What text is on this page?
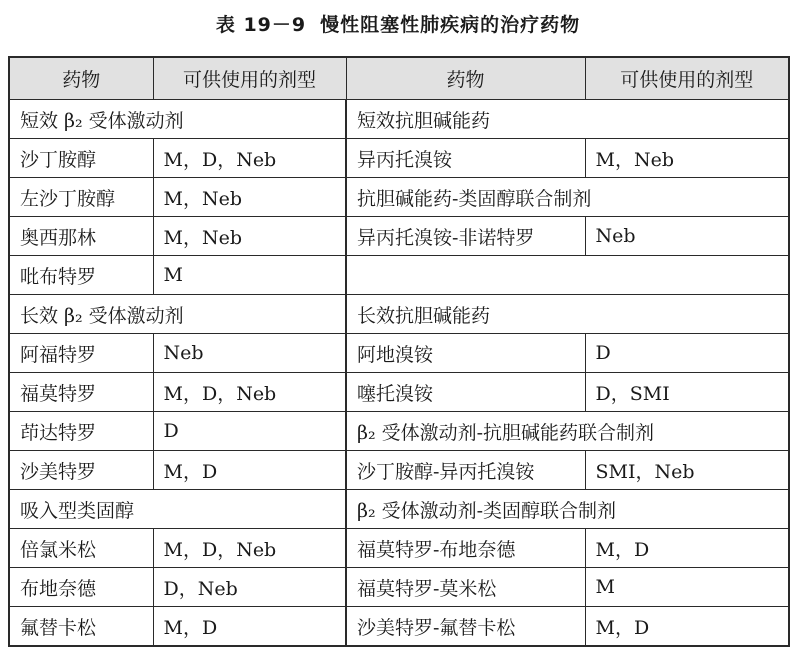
表 19－9 慢性阻塞性肺疾病的治疗药物
药物	可供使用的剂型	药物	可供使用的剂型
短效 β₂ 受体激动剂		短效抗胆碱能药	
沙丁胺醇	M，D，Neb	异丙托溴铵	M，Neb
左沙丁胺醇	M，Neb	抗胆碱能药-类固醇联合制剂	
奥西那林	M，Neb	异丙托溴铵-非诺特罗	Neb
吡布特罗	M		
长效 β₂ 受体激动剂		长效抗胆碱能药	
阿福特罗	Neb	阿地溴铵	D
福莫特罗	M，D，Neb	噻托溴铵	D，SMI
茚达特罗	D	β₂ 受体激动剂-抗胆碱能药联合制剂	
沙美特罗	M，D	沙丁胺醇-异丙托溴铵	SMI，Neb
吸入型类固醇		β₂ 受体激动剂-类固醇联合制剂	
倍氯米松	M，D，Neb	福莫特罗-布地奈德	M，D
布地奈德	D，Neb	福莫特罗-莫米松	M
氟替卡松	M，D	沙美特罗-氟替卡松	M，D
